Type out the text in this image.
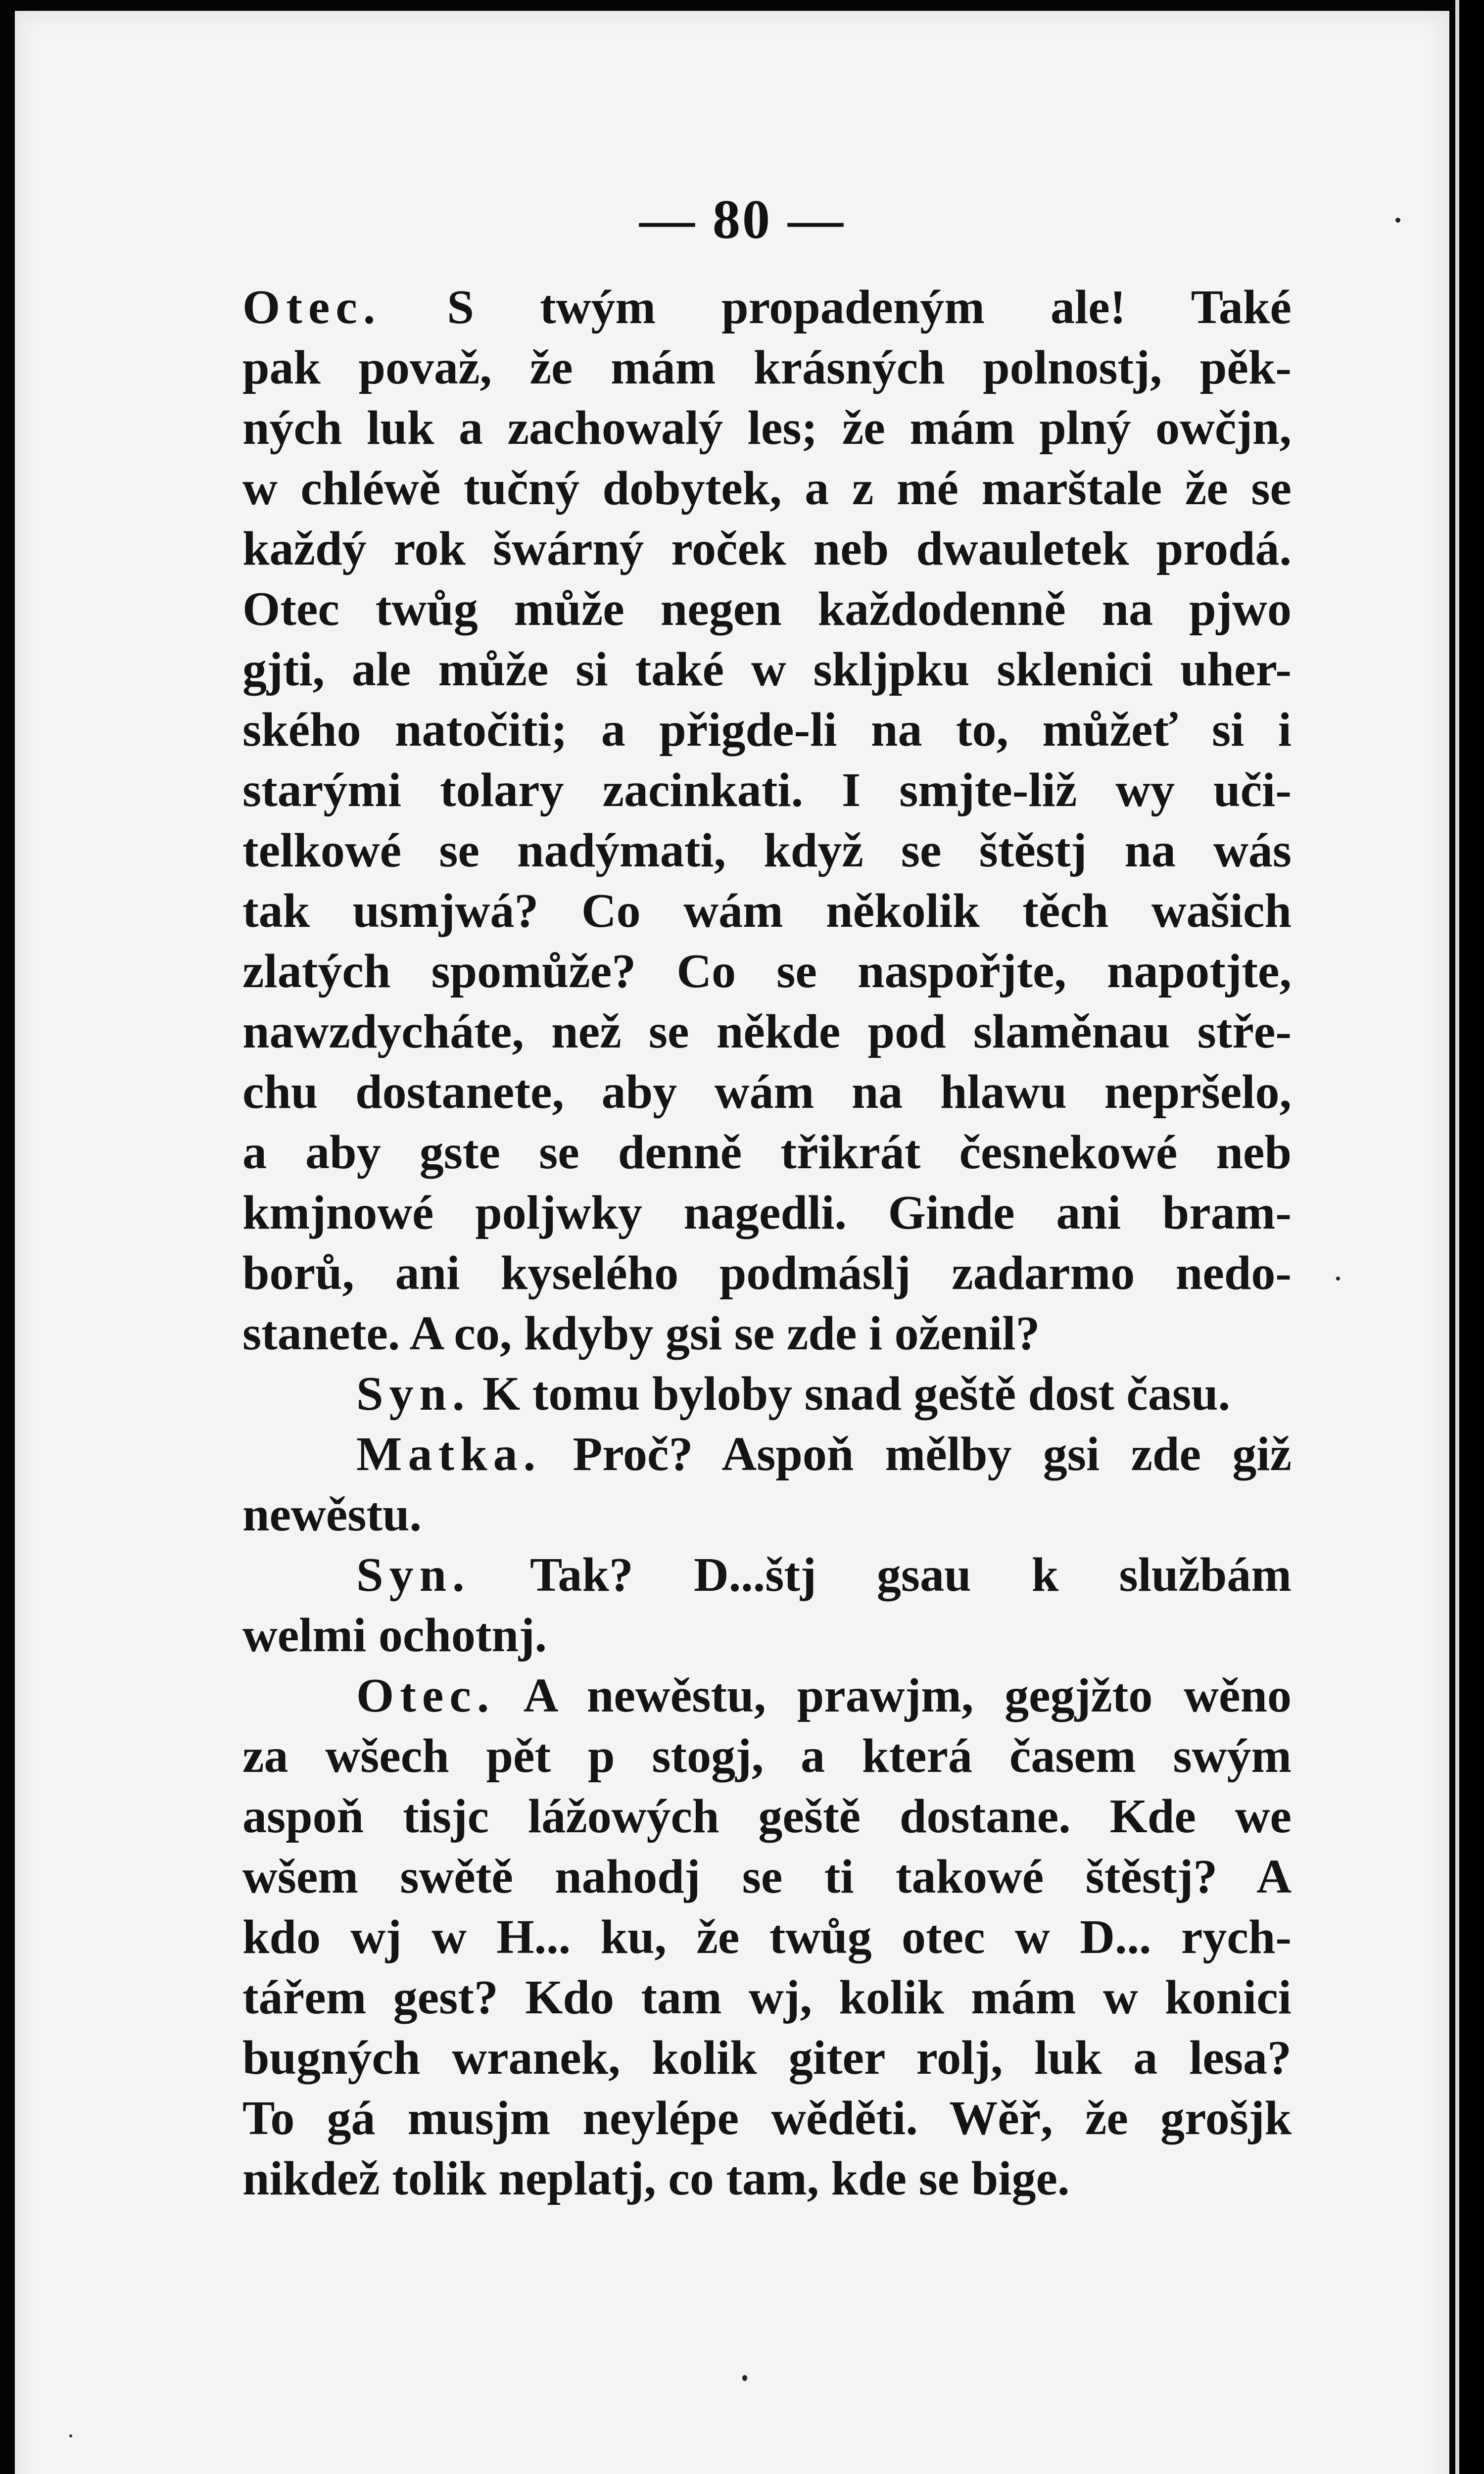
— 80 —
Otec. S twým propadeným ale! Také
pak považ, že mám krásných polnostj, pěk-
ných luk a zachowalý les; že mám plný owčjn,
w chléwě tučný dobytek, a z mé marštale že se
každý rok šwárný roček neb dwauletek prodá.
Otec twůg může negen každodenně na pjwo
gjti, ale může si také w skljpku sklenici uher-
ského natočiti; a přigde-li na to, můžeť si i
starými tolary zacinkati. I smjte-liž wy uči-
telkowé se nadýmati, když se štěstj na wás
tak usmjwá? Co wám několik těch wašich
zlatých spomůže? Co se naspořjte, napotjte,
nawzdycháte, než se někde pod slaměnau stře-
chu dostanete, aby wám na hlawu nepršelo,
a aby gste se denně třikrát česnekowé neb
kmjnowé poljwky nagedli. Ginde ani bram-
borů, ani kyselého podmáslj zadarmo nedo-
stanete. A co, kdyby gsi se zde i oženil?
Syn. K tomu byloby snad geště dost času.
Matka. Proč? Aspoň mělby gsi zde giž
newěstu.
Syn. Tak? D...štj gsau k službám
welmi ochotnj.
Otec. A newěstu, prawjm, gegjžto wěno
za wšech pět p stogj, a která časem swým
aspoň tisjc lážowých geště dostane. Kde we
wšem swětě nahodj se ti takowé štěstj? A
kdo wj w H... ku, že twůg otec w D... rych-
tářem gest? Kdo tam wj, kolik mám w konici
bugných wranek, kolik giter rolj, luk a lesa?
To gá musjm neylépe wěděti. Wěř, že grošjk
nikdež tolik neplatj, co tam, kde se bige.
